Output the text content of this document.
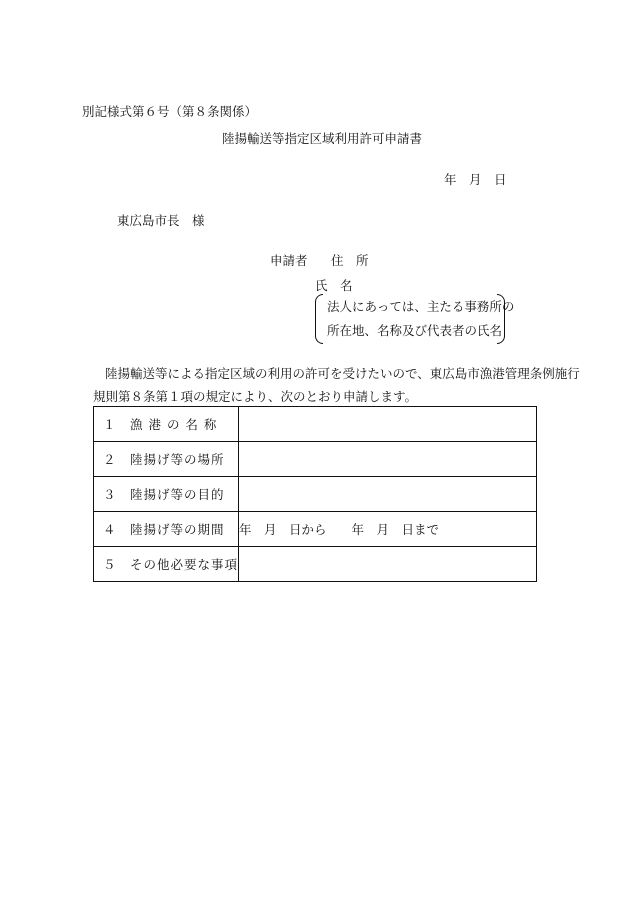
別記様式第６号（第８条関係）
陸揚輸送等指定区域利用許可申請書
年　月　日
東広島市長　様
申請者 住　所
氏　名
法人にあっては、主たる事務所の
所在地、名称及び代表者の氏名
陸揚輸送等による指定区域の利用の許可を受けたいので、東広島市漁港管理条例施行
規則第８条第１項の規定により、次のとおり申請します。
１　漁 港 の 名 称	
２　陸揚げ等の場所	
３　陸揚げ等の目的	
４　陸揚げ等の期間	年　月　日から　　年　月　日まで
５　その他必要な事項	
